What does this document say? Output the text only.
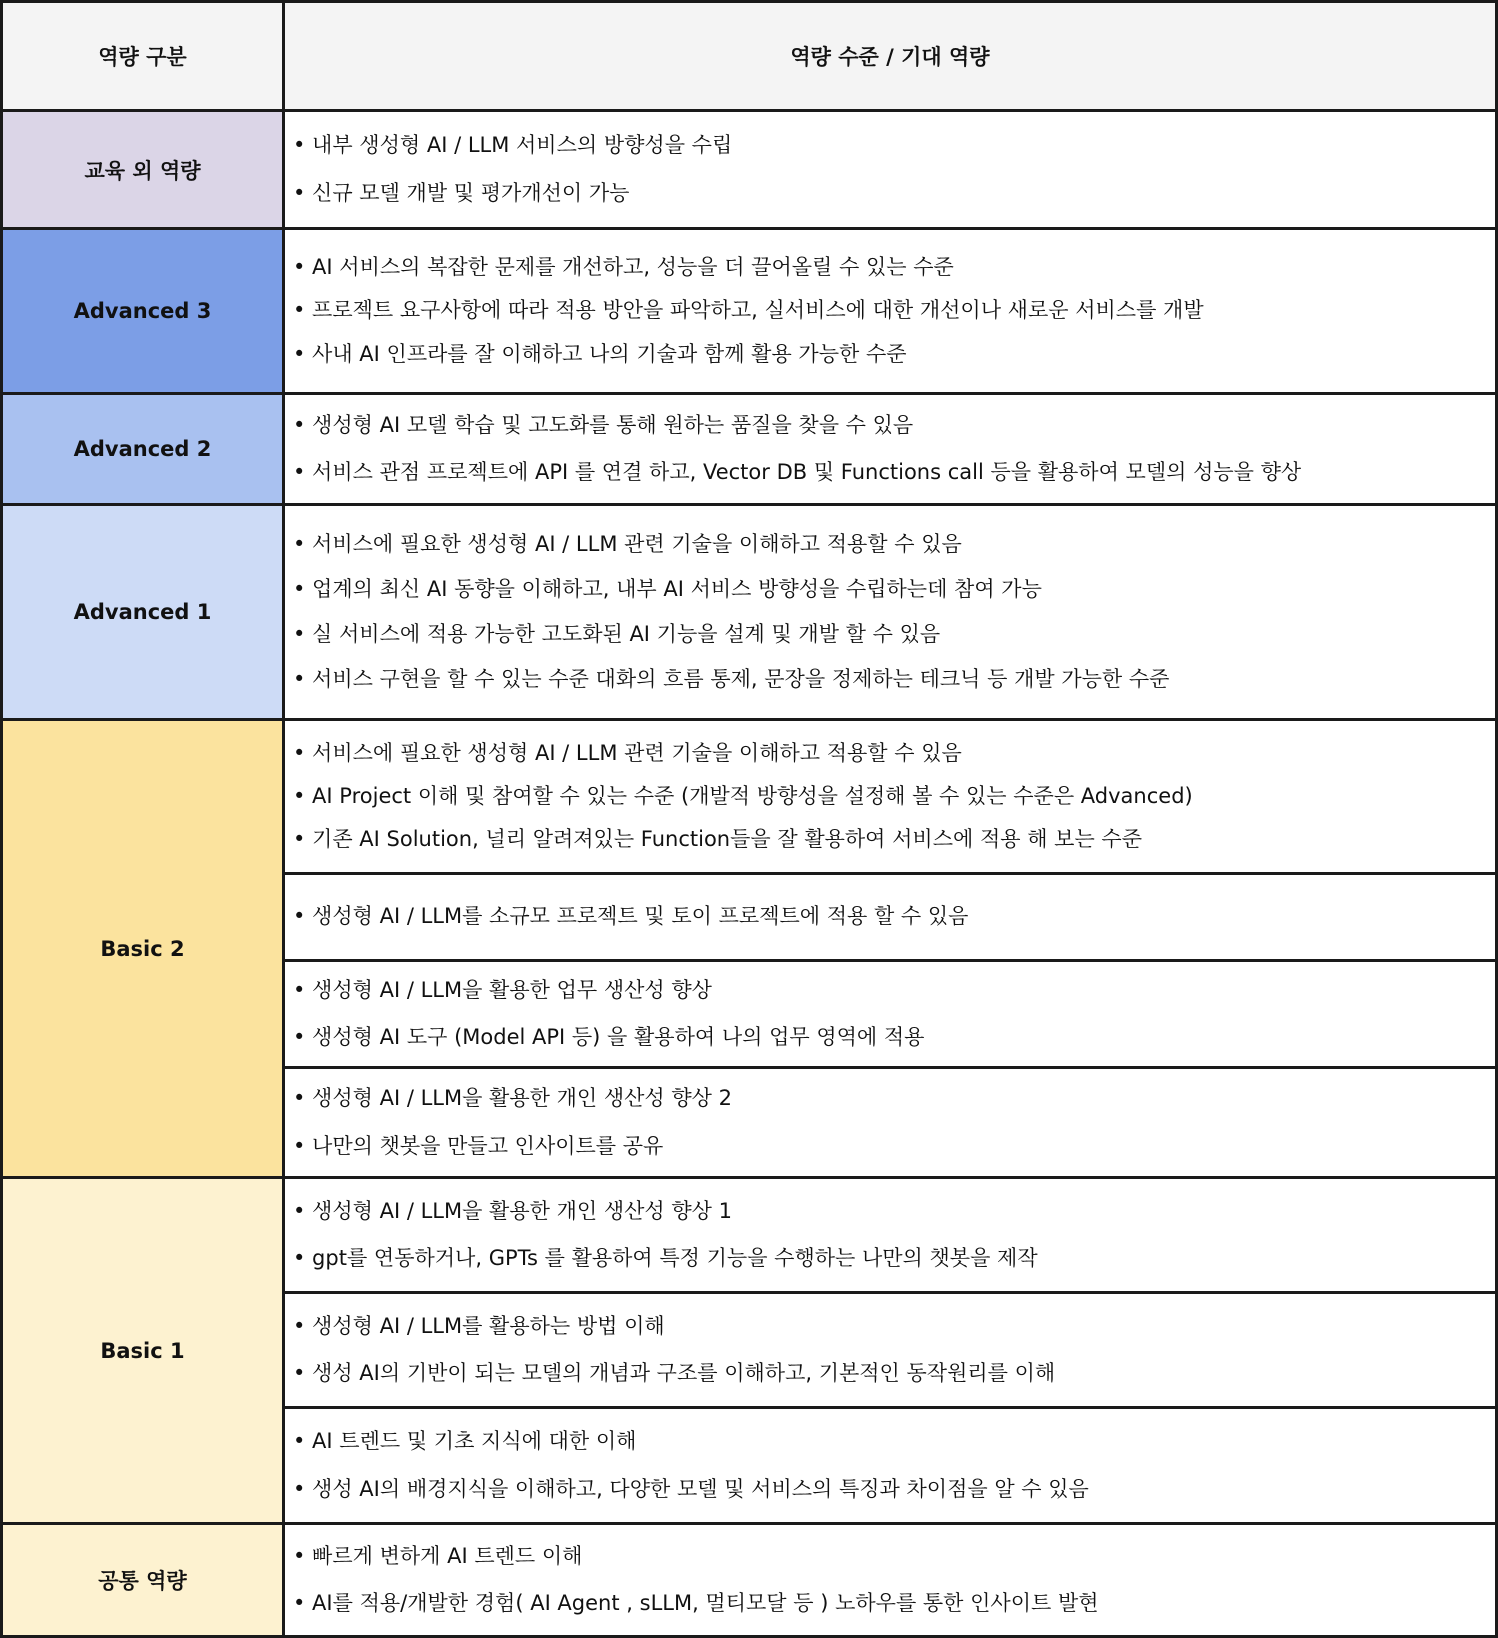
역량 구분	역량 수준 / 기대 역량
교육 외 역량
Advanced 3
Advanced 2
Advanced 1
Basic 2
Basic 1
공통 역량
• 내부 생성형 AI / LLM 서비스의 방향성을 수립
• 신규 모델 개발 및 평가개선이 가능
• AI 서비스의 복잡한 문제를 개선하고, 성능을 더 끌어올릴 수 있는 수준
• 프로젝트 요구사항에 따라 적용 방안을 파악하고, 실서비스에 대한 개선이나 새로운 서비스를 개발
• 사내 AI 인프라를 잘 이해하고 나의 기술과 함께 활용 가능한 수준
• 생성형 AI 모델 학습 및 고도화를 통해 원하는 품질을 찾을 수 있음
• 서비스 관점 프로젝트에 API 를 연결 하고, Vector DB 및 Functions call 등을 활용하여 모델의 성능을 향상
• 서비스에 필요한 생성형 AI / LLM 관련 기술을 이해하고 적용할 수 있음
• 업계의 최신 AI 동향을 이해하고, 내부 AI 서비스 방향성을 수립하는데 참여 가능
• 실 서비스에 적용 가능한 고도화된 AI 기능을 설계 및 개발 할 수 있음
• 서비스 구현을 할 수 있는 수준 대화의 흐름 통제, 문장을 정제하는 테크닉 등 개발 가능한 수준
• 서비스에 필요한 생성형 AI / LLM 관련 기술을 이해하고 적용할 수 있음
• AI Project 이해 및 참여할 수 있는 수준 (개발적 방향성을 설정해 볼 수 있는 수준은 Advanced)
• 기존 AI Solution, 널리 알려져있는 Function들을 잘 활용하여 서비스에 적용 해 보는 수준
• 생성형 AI / LLM를 소규모 프로젝트 및 토이 프로젝트에 적용 할 수 있음
• 생성형 AI / LLM을 활용한 업무 생산성 향상
• 생성형 AI 도구 (Model API 등) 을 활용하여 나의 업무 영역에 적용
• 생성형 AI / LLM을 활용한 개인 생산성 향상 2
• 나만의 챗봇을 만들고 인사이트를 공유
• 생성형 AI / LLM을 활용한 개인 생산성 향상 1
• gpt를 연동하거나, GPTs 를 활용하여 특정 기능을 수행하는 나만의 챗봇을 제작
• 생성형 AI / LLM를 활용하는 방법 이해
• 생성 AI의 기반이 되는 모델의 개념과 구조를 이해하고, 기본적인 동작원리를 이해
• AI 트렌드 및 기초 지식에 대한 이해
• 생성 AI의 배경지식을 이해하고, 다양한 모델 및 서비스의 특징과 차이점을 알 수 있음
• 빠르게 변하게 AI 트렌드 이해
• AI를 적용/개발한 경험( AI Agent , sLLM, 멀티모달 등 ) 노하우를 통한 인사이트 발현
